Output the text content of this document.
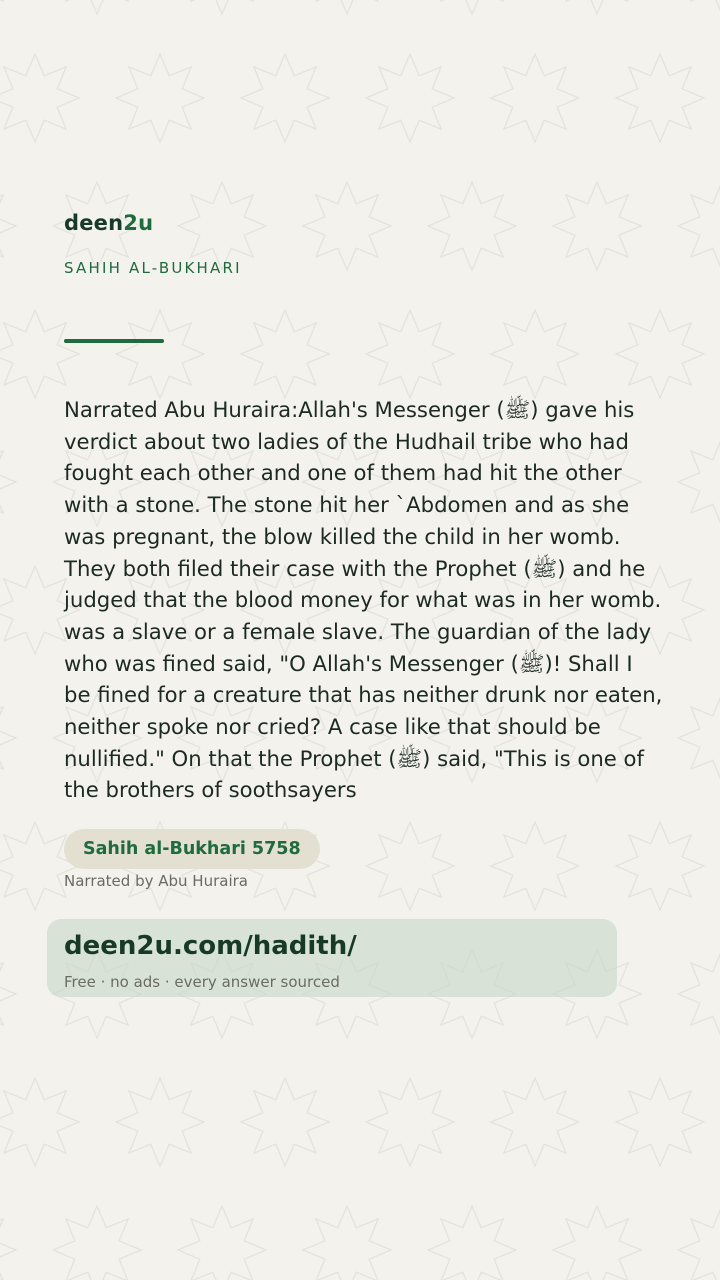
deen2u
SAHIH AL-BUKHARI
Narrated Abu Huraira:Allah's Messenger (ﷺ) gave his verdict about two ladies of the Hudhail tribe who had fought each other and one of them had hit the other with a stone. The stone hit her `Abdomen and as she was pregnant, the blow killed the child in her womb. They both filed their case with the Prophet (ﷺ) and he judged that the blood money for what was in her womb. was a slave or a female slave. The guardian of the lady who was fined said, "O Allah's Messenger (ﷺ)! Shall I be fined for a creature that has neither drunk nor eaten, neither spoke nor cried? A case like that should be nullified." On that the Prophet (ﷺ) said, "This is one of the brothers of soothsayers
Sahih al-Bukhari 5758
Narrated by Abu Huraira
deen2u.com/hadith/
Free · no ads · every answer sourced
